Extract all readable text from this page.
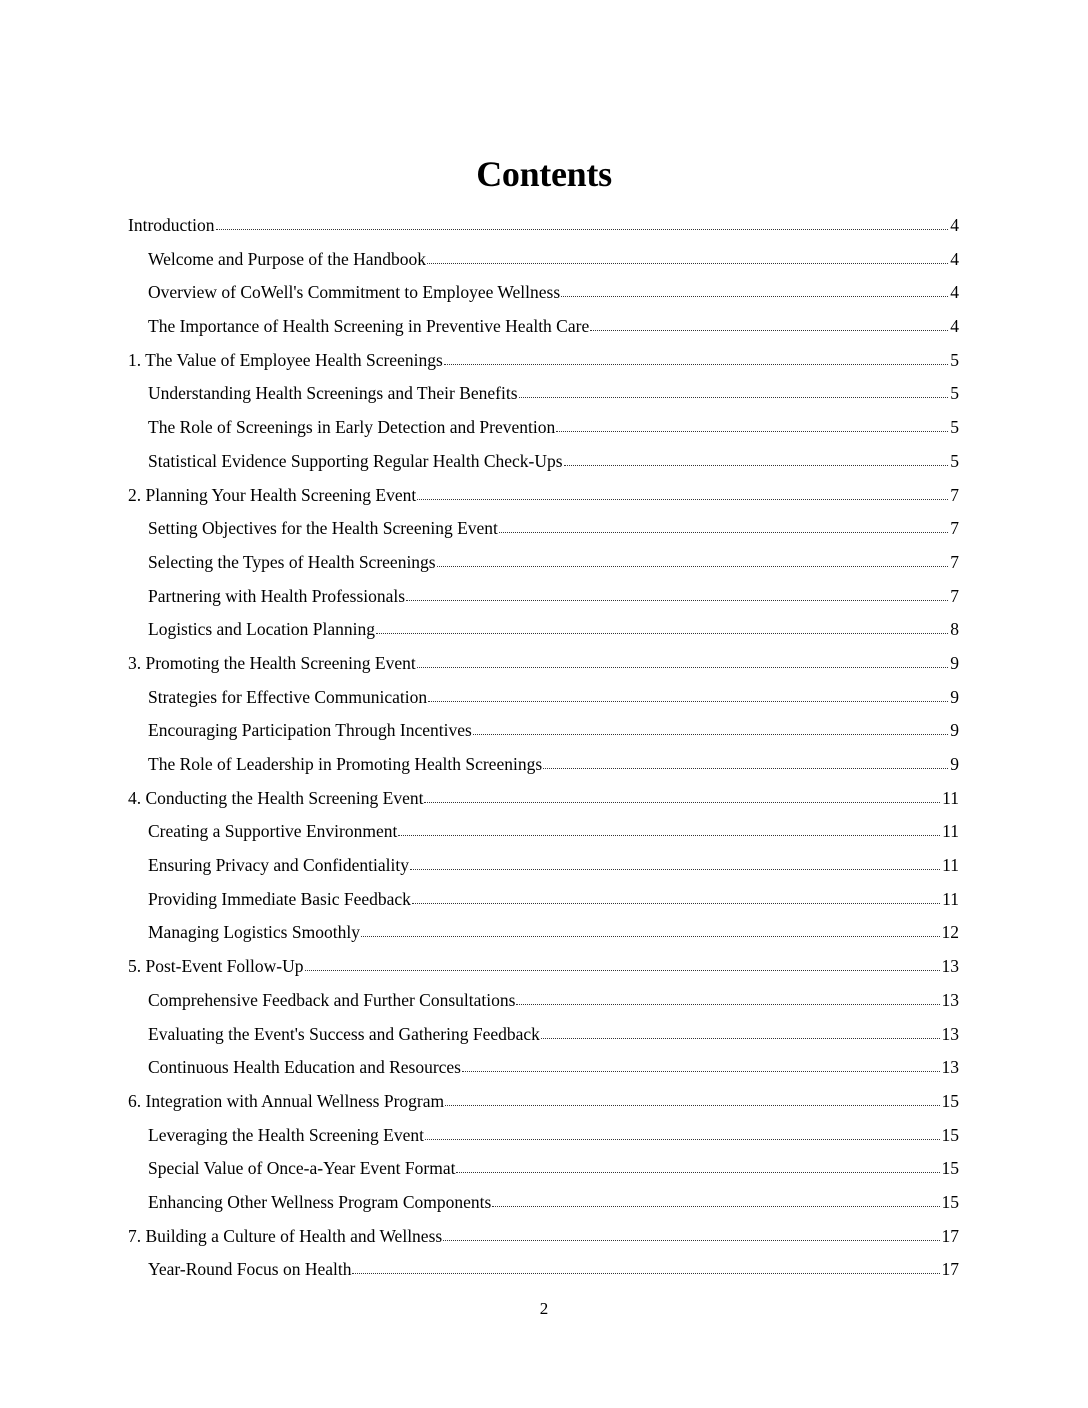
Contents
Introduction	4
Welcome and Purpose of the Handbook	4
Overview of CoWell's Commitment to Employee Wellness	4
The Importance of Health Screening in Preventive Health Care	4
1. The Value of Employee Health Screenings	5
Understanding Health Screenings and Their Benefits	5
The Role of Screenings in Early Detection and Prevention	5
Statistical Evidence Supporting Regular Health Check-Ups	5
2. Planning Your Health Screening Event	7
Setting Objectives for the Health Screening Event	7
Selecting the Types of Health Screenings	7
Partnering with Health Professionals	7
Logistics and Location Planning	8
3. Promoting the Health Screening Event	9
Strategies for Effective Communication	9
Encouraging Participation Through Incentives	9
The Role of Leadership in Promoting Health Screenings	9
4. Conducting the Health Screening Event	11
Creating a Supportive Environment	11
Ensuring Privacy and Confidentiality	11
Providing Immediate Basic Feedback	11
Managing Logistics Smoothly	12
5. Post-Event Follow-Up	13
Comprehensive Feedback and Further Consultations	13
Evaluating the Event's Success and Gathering Feedback	13
Continuous Health Education and Resources	13
6. Integration with Annual Wellness Program	15
Leveraging the Health Screening Event	15
Special Value of Once-a-Year Event Format	15
Enhancing Other Wellness Program Components	15
7. Building a Culture of Health and Wellness	17
Year-Round Focus on Health	17
2
